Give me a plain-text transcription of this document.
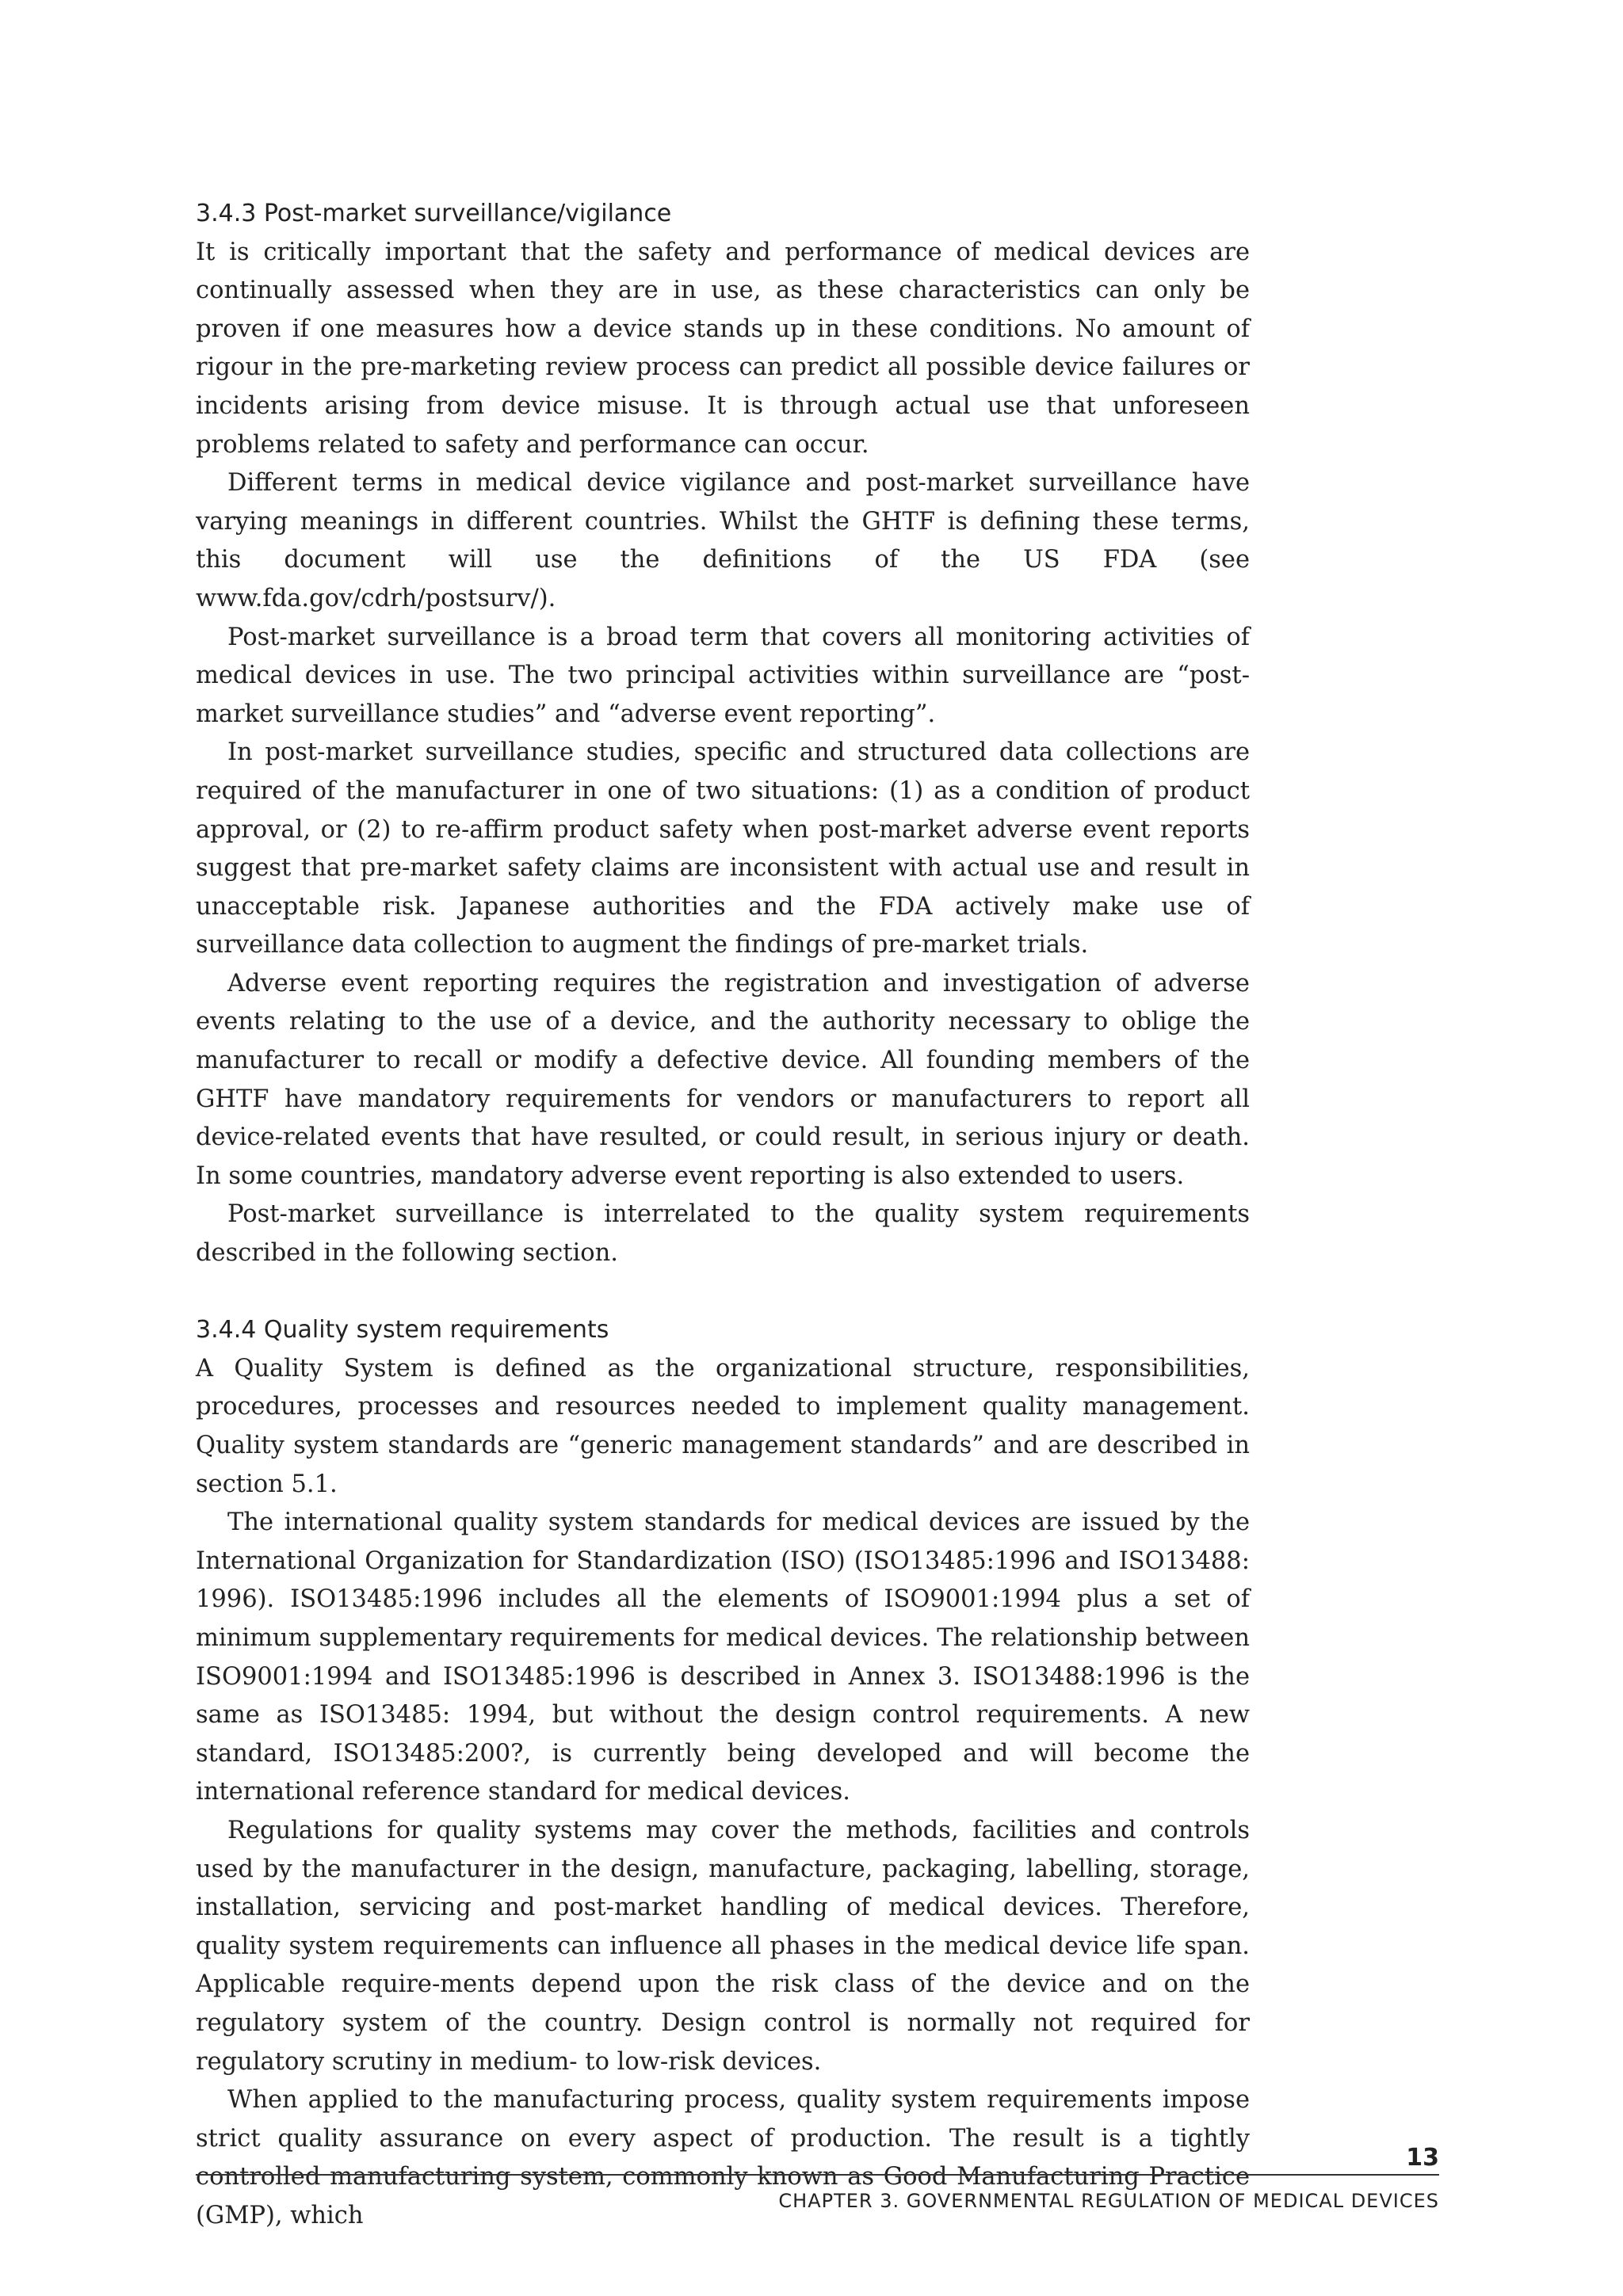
3.4.3 Post-market surveillance/vigilance

It is critically important that the safety and performance of medical devices are continually assessed when they are in use, as these characteristics can only be proven if one measures how a device stands up in these conditions. No amount of rigour in the pre-marketing review process can predict all possible device failures or incidents arising from device misuse. It is through actual use that unforeseen problems related to safety and performance can occur.

Different terms in medical device vigilance and post-market surveillance have varying meanings in different countries. Whilst the GHTF is defining these terms, this document will use the definitions of the US FDA (see www.fda.gov/cdrh/postsurv/).

Post-market surveillance is a broad term that covers all monitoring activities of medical devices in use. The two principal activities within surveillance are “post-market surveillance studies” and “adverse event reporting”.

In post-market surveillance studies, specific and structured data collections are required of the manufacturer in one of two situations: (1) as a condition of product approval, or (2) to re-affirm product safety when post-market adverse event reports suggest that pre-market safety claims are inconsistent with actual use and result in unacceptable risk. Japanese authorities and the FDA actively make use of surveillance data collection to augment the findings of pre-market trials.

Adverse event reporting requires the registration and investigation of adverse events relating to the use of a device, and the authority necessary to oblige the manufacturer to recall or modify a defective device. All founding members of the GHTF have mandatory requirements for vendors or manufacturers to report all device-related events that have resulted, or could result, in serious injury or death. In some countries, mandatory adverse event reporting is also extended to users.

Post-market surveillance is interrelated to the quality system requirements described in the following section.

3.4.4 Quality system requirements

A Quality System is defined as the organizational structure, responsibilities, procedures, processes and resources needed to implement quality management. Quality system standards are “generic management standards” and are described in section 5.1.

The international quality system standards for medical devices are issued by the International Organization for Standardization (ISO) (ISO13485:1996 and ISO13488: 1996). ISO13485:1996 includes all the elements of ISO9001:1994 plus a set of minimum supplementary requirements for medical devices. The relationship between ISO9001:1994 and ISO13485:1996 is described in Annex 3. ISO13488:1996 is the same as ISO13485: 1994, but without the design control requirements. A new standard, ISO13485:200?, is currently being developed and will become the international reference standard for medical devices.

Regulations for quality systems may cover the methods, facilities and controls used by the manufacturer in the design, manufacture, packaging, labelling, storage, installation, servicing and post-market handling of medical devices. Therefore, quality system requirements can influence all phases in the medical device life span. Applicable require-ments depend upon the risk class of the device and on the regulatory system of the country. Design control is normally not required for regulatory scrutiny in medium- to low-risk devices.

When applied to the manufacturing process, quality system requirements impose strict quality assurance on every aspect of production. The result is a tightly controlled manufacturing system, commonly known as Good Manufacturing Practice (GMP), which

13
CHAPTER 3. GOVERNMENTAL REGULATION OF MEDICAL DEVICES
